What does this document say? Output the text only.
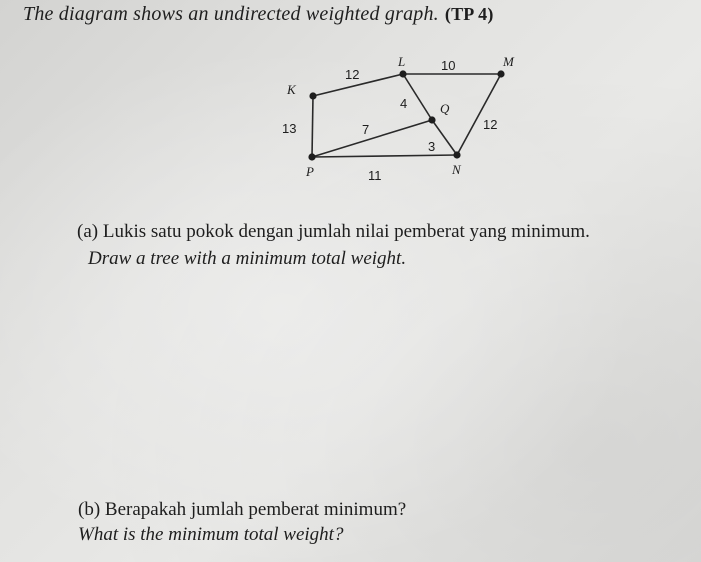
The diagram shows an undirected weighted graph. (TP 4)
12
10
4
3
12
13	7
11
K
L	M
Q
N
P
(a) Lukis satu pokok dengan jumlah nilai pemberat yang minimum.
Draw a tree with a minimum total weight.
(b) Berapakah jumlah pemberat minimum?
What is the minimum total weight?
